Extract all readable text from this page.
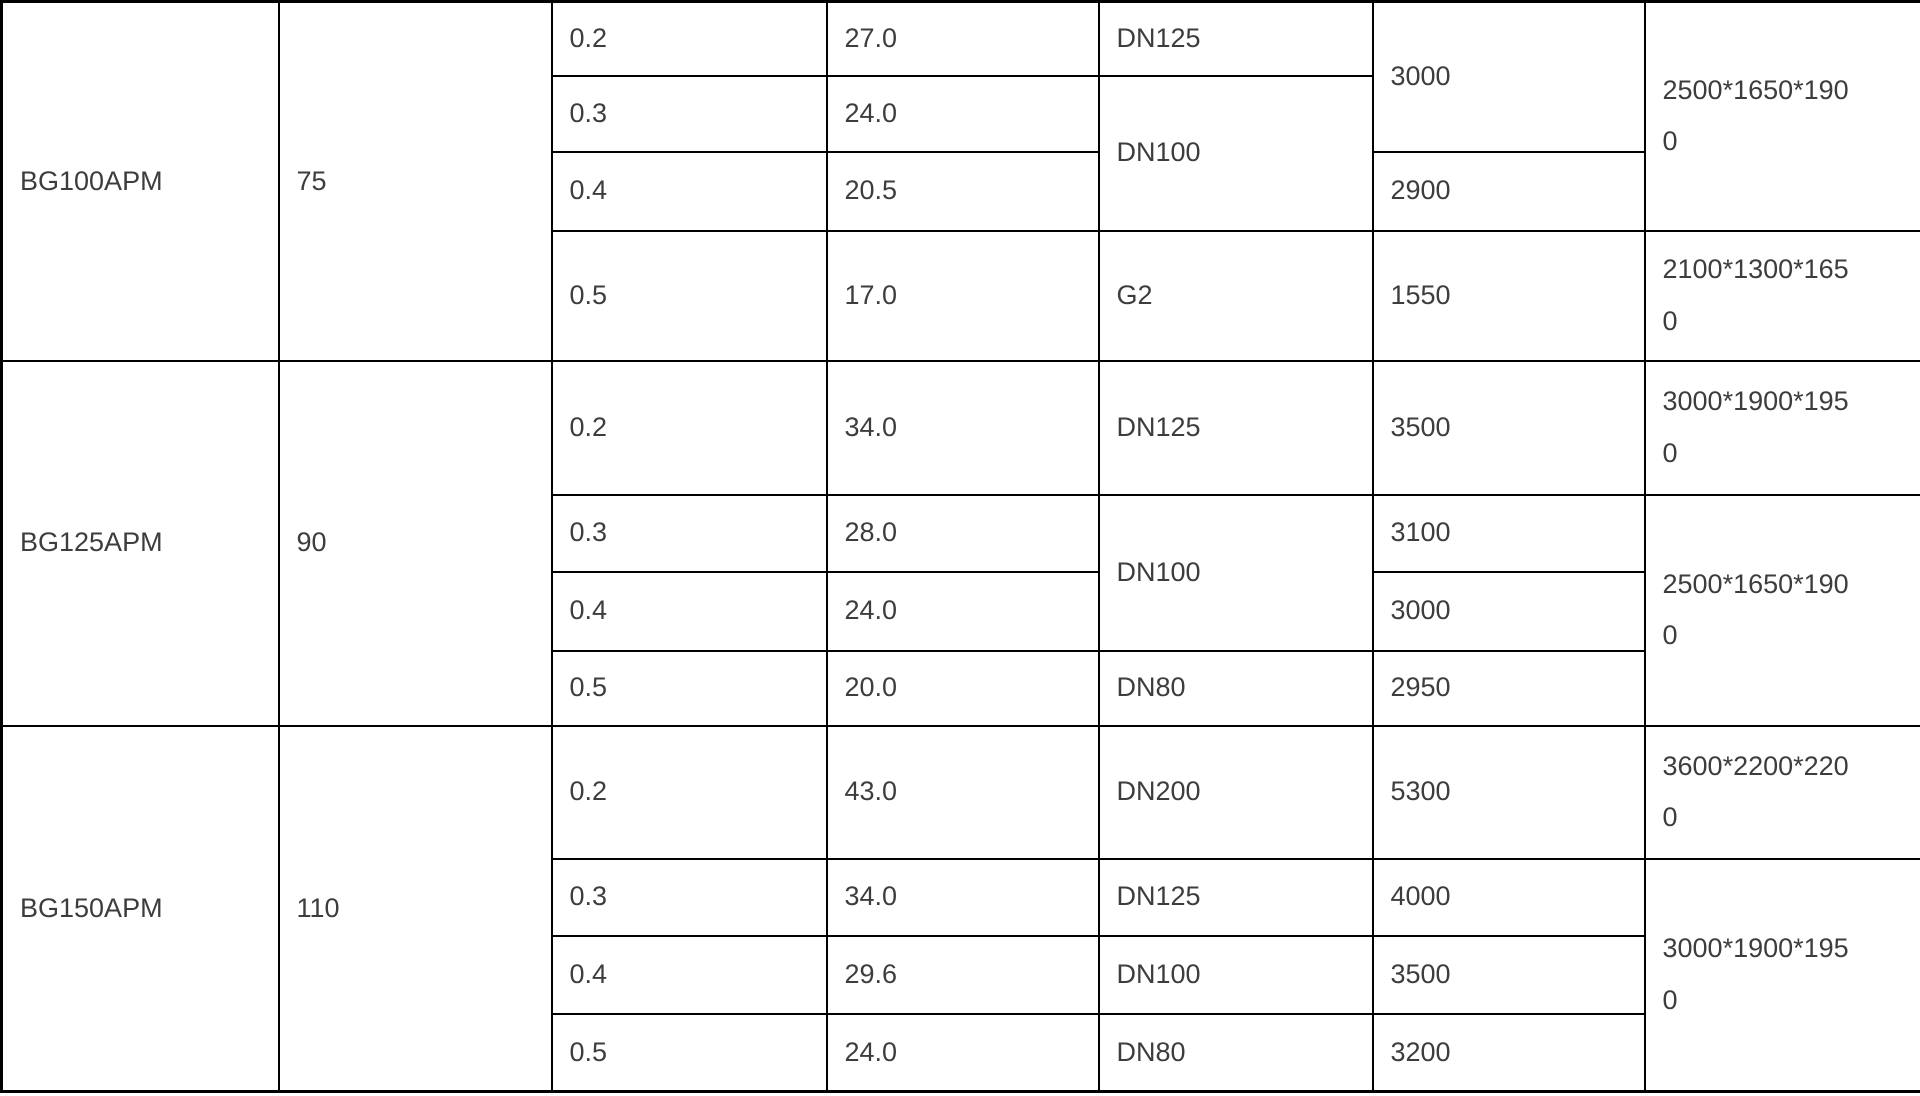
BG100APM	75	0.2	27.0	DN125	3000	2500*1650*1900

		0.3	24.0	DN100		
		0.4	20.5		2900	
		0.5	17.0	G2	1550	2100*1300*1650

BG125APM	90	0.2	34.0	DN125	3500	3000*1900*1950

		0.3	28.0	DN100	3100	2500*1650*1900

		0.4	24.0		3000	
		0.5	20.0	DN80	2950	
BG150APM	110	0.2	43.0	DN200	5300	3600*2200*2200

		0.3	34.0	DN125	4000	3000*1900*1950

		0.4	29.6	DN100	3500	
		0.5	24.0	DN80	3200	
